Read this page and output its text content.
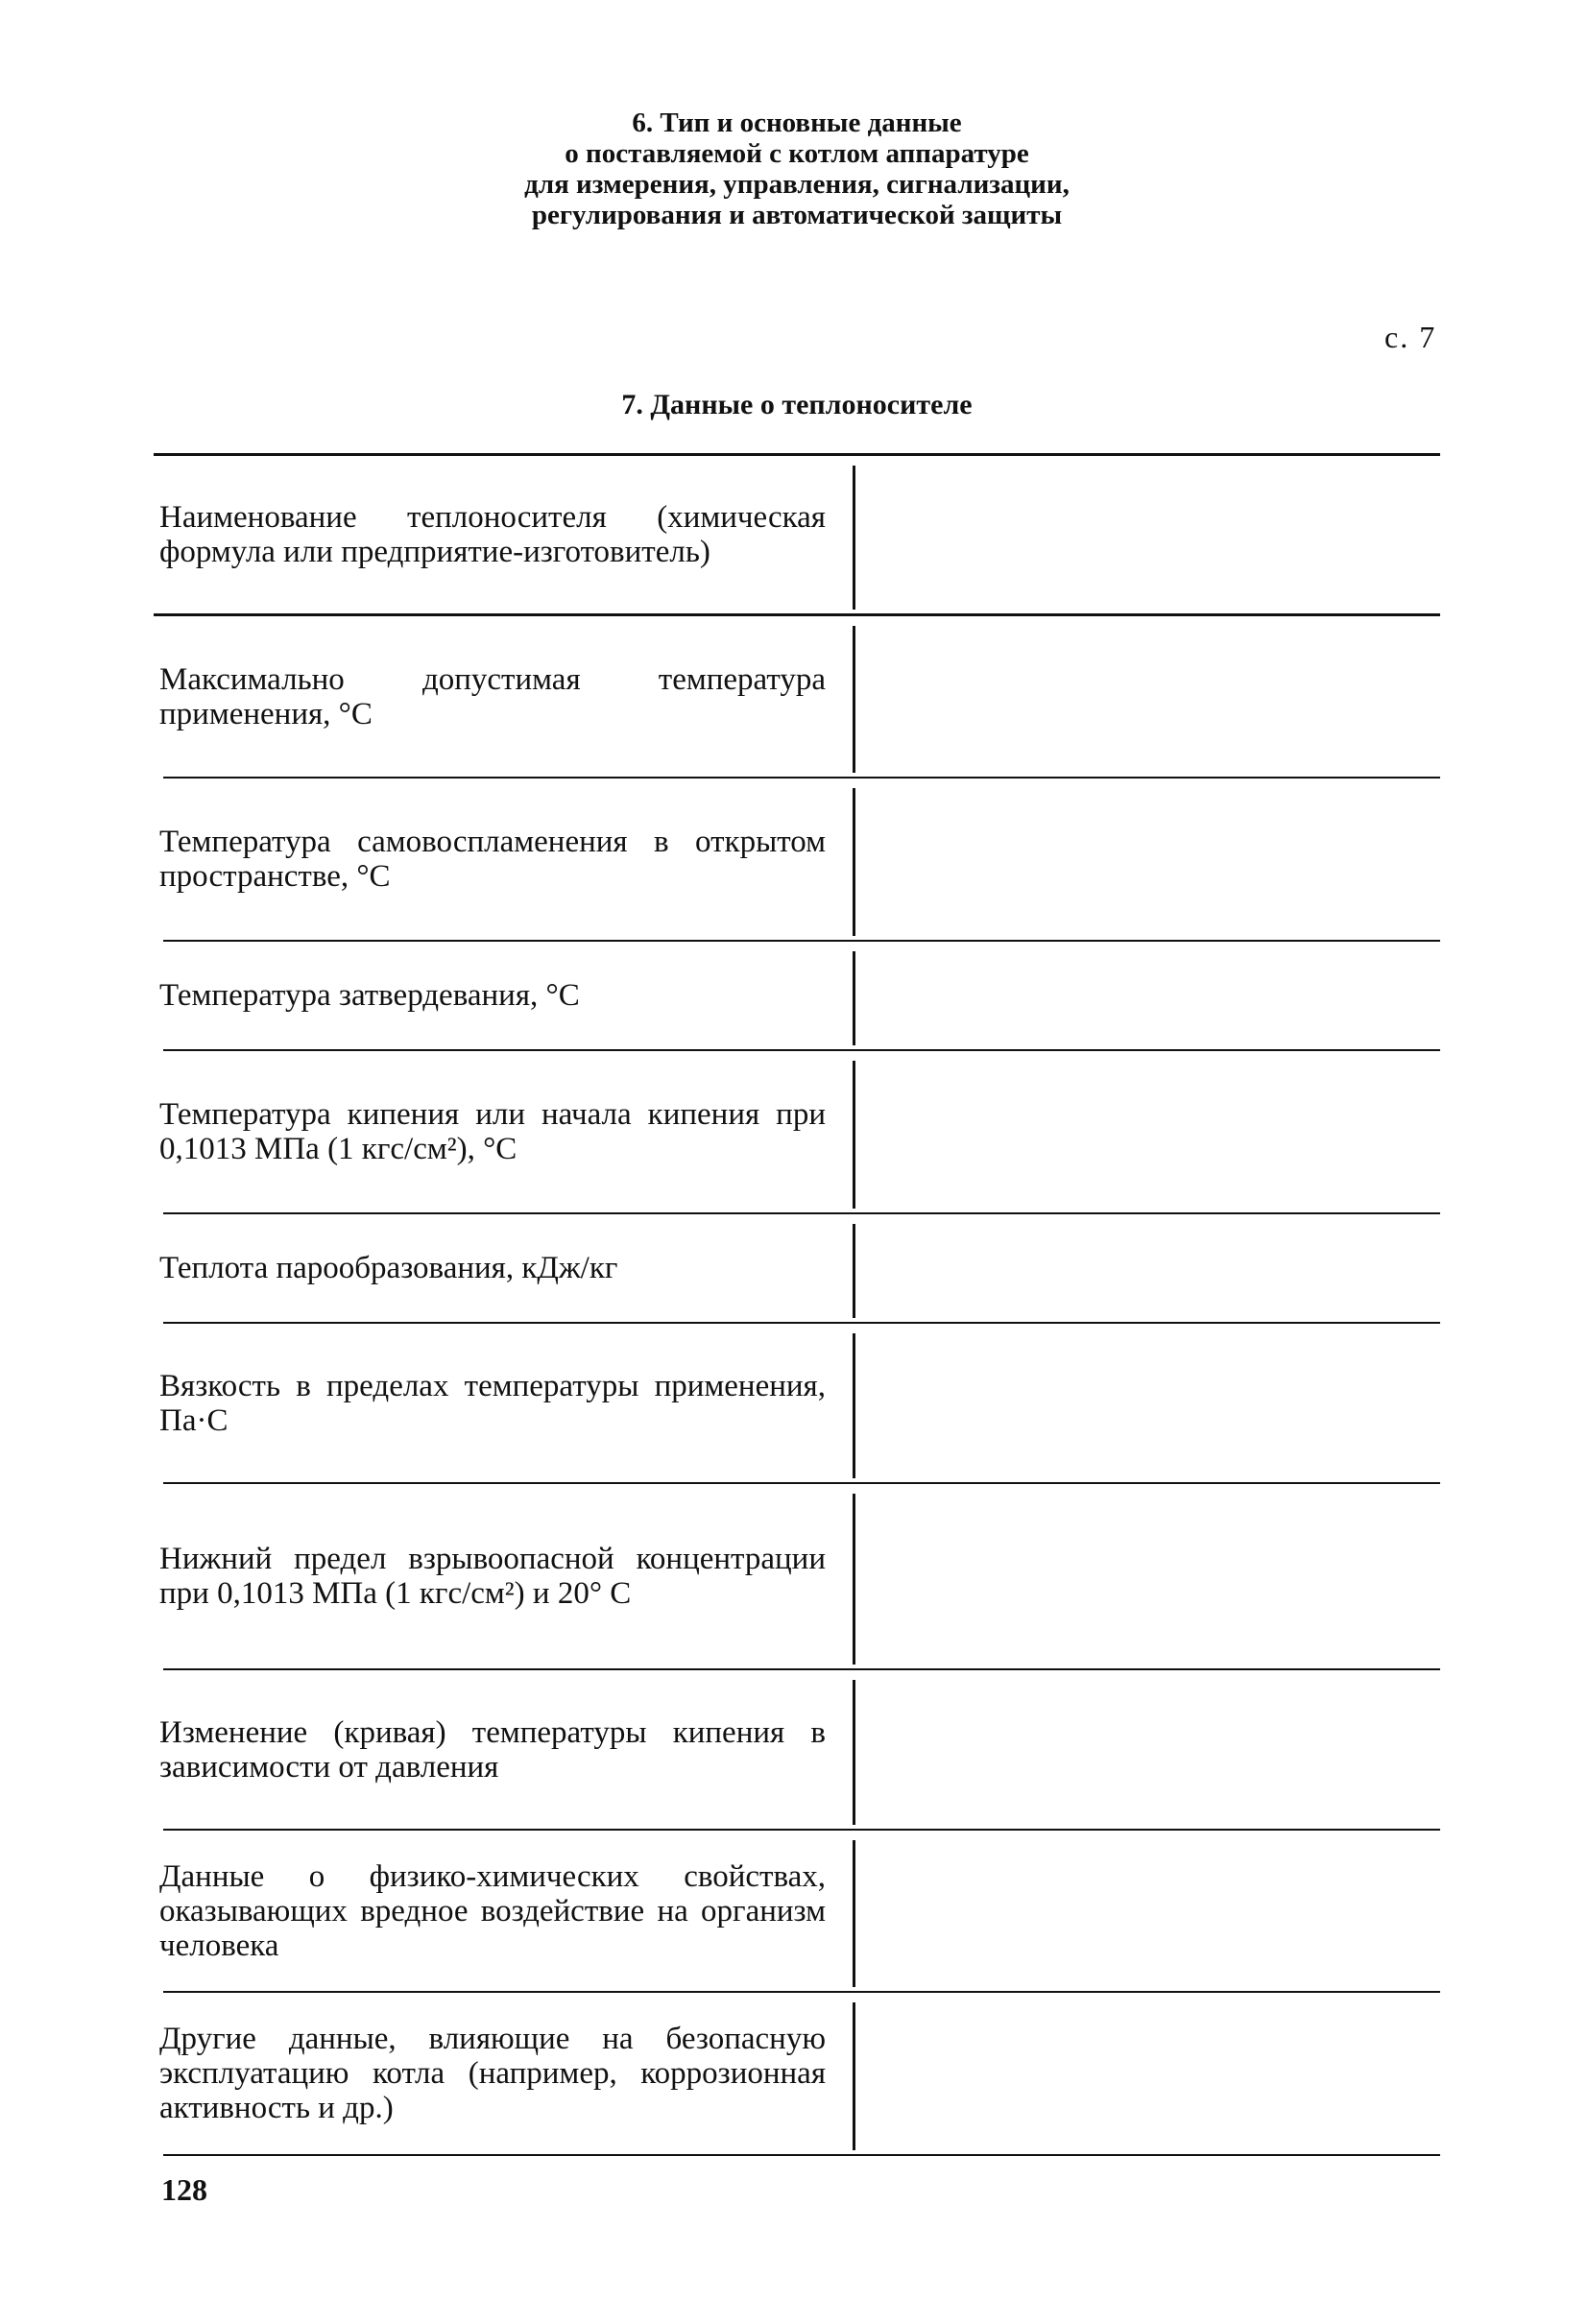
6. Тип и основные данные
о поставляемой с котлом аппаратуре
для измерения, управления, сигнализации,
регулирования и автоматической защиты
с. 7
7. Данные о теплоносителе
Наименование теплоносителя (химическая формула или предприятие-изготовитель)
Максимально допустимая температура применения, °С
Температура самовоспламенения в открытом пространстве, °С
Температура затвердевания, °С
Температура кипения или начала кипения при 0,1013 МПа (1 кгс/см²), °С
Теплота парообразования, кДж/кг
Вязкость в пределах температуры применения, Па·С
Нижний предел взрывоопасной концентрации при 0,1013 МПа (1 кгс/см²) и 20° С
Изменение (кривая) температуры кипения в зависимости от давления
Данные о физико-химических свойствах, оказывающих вредное воздействие на организм человека
Другие данные, влияющие на безопасную эксплуатацию котла (например, коррозионная активность и др.)
128
